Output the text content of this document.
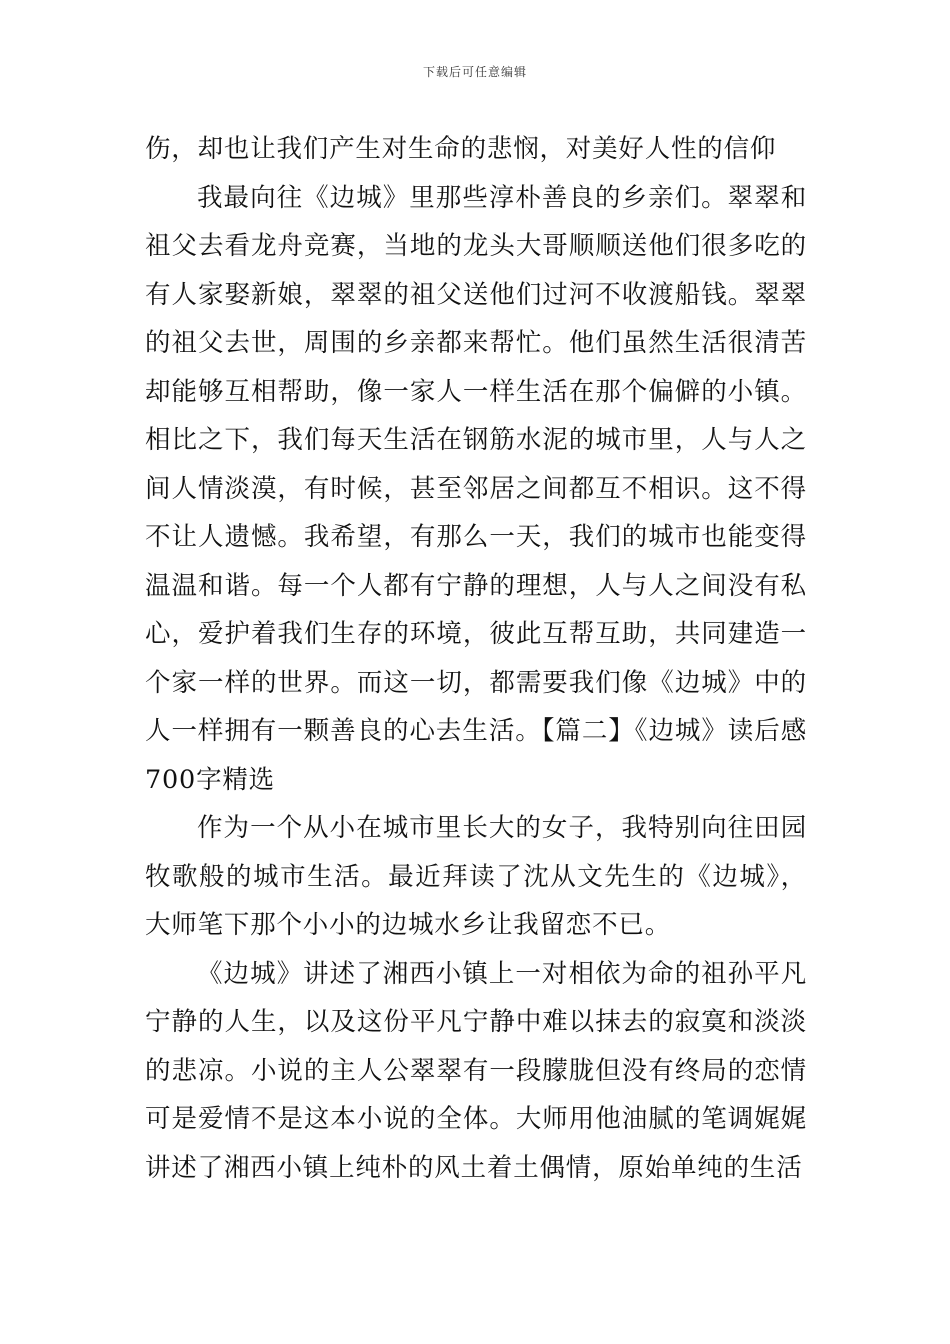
下载后可任意编辑

伤，却也让我们产生对生命的悲悯，对美好人性的信仰

我最向往《边城》里那些淳朴善良的乡亲们。翠翠和祖父去看龙舟竞赛，当地的龙头大哥顺顺送他们很多吃的有人家娶新娘，翠翠的祖父送他们过河不收渡船钱。翠翠的祖父去世，周围的乡亲都来帮忙。他们虽然生活很清苦却能够互相帮助，像一家人一样生活在那个偏僻的小镇。相比之下，我们每天生活在钢筋水泥的城市里，人与人之间人情淡漠，有时候，甚至邻居之间都互不相识。这不得不让人遗憾。我希望，有那么一天，我们的城市也能变得温温和谐。每一个人都有宁静的理想，人与人之间没有私心，爱护着我们生存的环境，彼此互帮互助，共同建造一个家一样的世界。而这一切，都需要我们像《边城》中的人一样拥有一颗善良的心去生活。【篇二】《边城》读后感700字精选

作为一个从小在城市里长大的女子，我特别向往田园牧歌般的城市生活。最近拜读了沈从文先生的《边城》，大师笔下那个小小的边城水乡让我留恋不已。

《边城》讲述了湘西小镇上一对相依为命的祖孙平凡宁静的人生，以及这份平凡宁静中难以抹去的寂寞和淡淡的悲凉。小说的主人公翠翠有一段朦胧但没有终局的恋情可是爱情不是这本小说的全体。大师用他油腻的笔调娓娓讲述了湘西小镇上纯朴的风土着土偶情，原始单纯的生活
